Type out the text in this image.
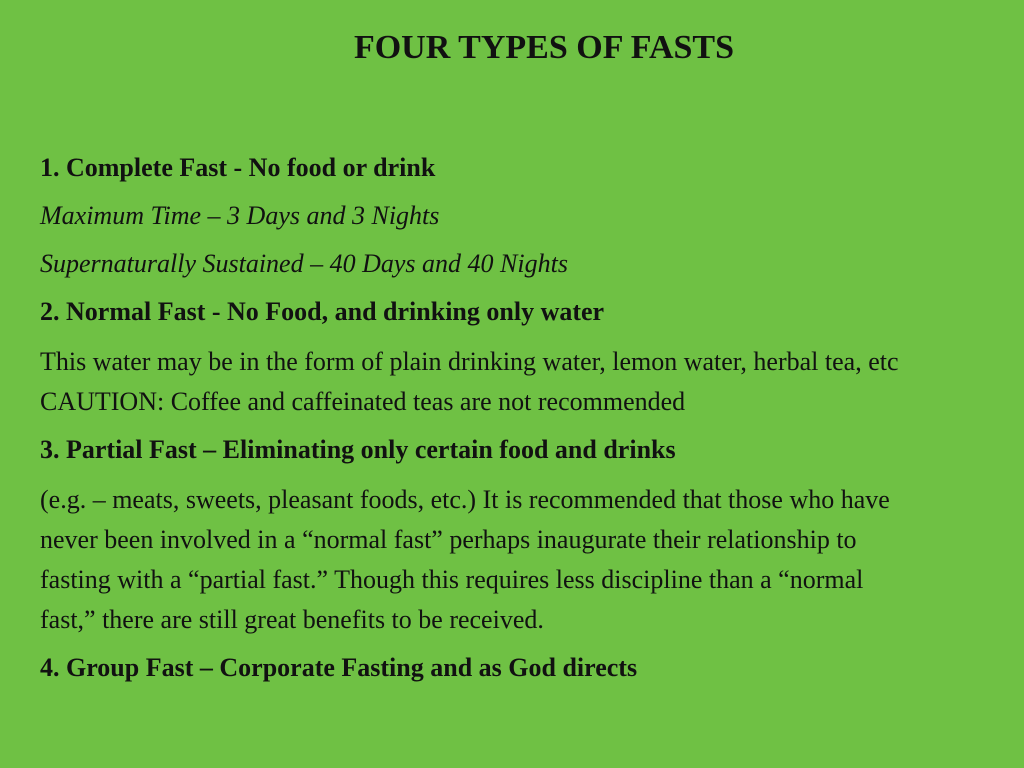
FOUR TYPES OF FASTS
1. Complete Fast - No food or drink
Maximum Time – 3 Days and 3 Nights
Supernaturally Sustained – 40 Days and 40 Nights
2. Normal Fast - No Food, and drinking only water
This water may be in the form of plain drinking water, lemon water, herbal tea, etc
CAUTION: Coffee and caffeinated teas are not recommended
3. Partial Fast – Eliminating only certain food and drinks
(e.g. – meats, sweets, pleasant foods, etc.) It is recommended that those who have
never been involved in a “normal fast” perhaps inaugurate their relationship to
fasting with a “partial fast.” Though this requires less discipline than a “normal
fast,” there are still great benefits to be received.
4. Group Fast – Corporate Fasting and as God directs
